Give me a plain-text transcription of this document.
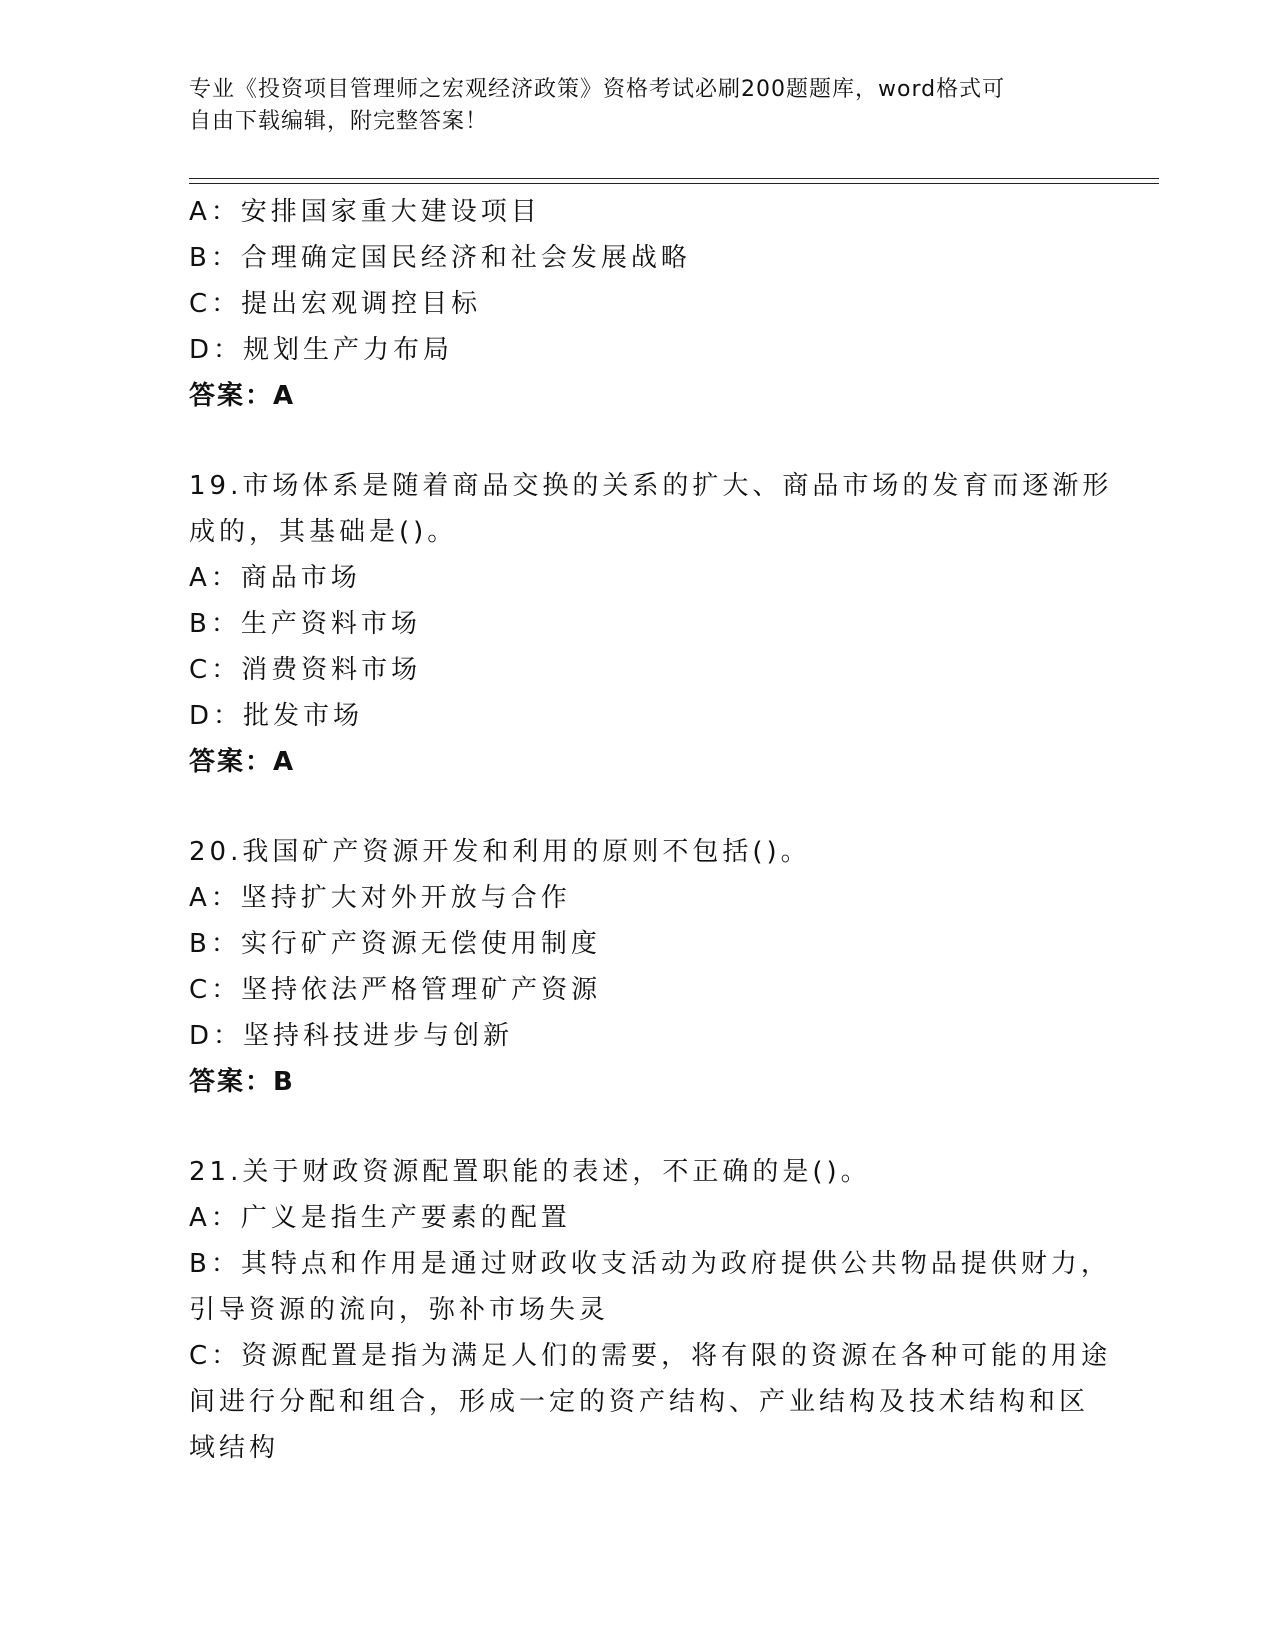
专业《投资项目管理师之宏观经济政策》资格考试必刷200题题库，word格式可
自由下载编辑，附完整答案！
A：安排国家重大建设项目
B：合理确定国民经济和社会发展战略
C：提出宏观调控目标
D：规划生产力布局
答案：A
19.市场体系是随着商品交换的关系的扩大、商品市场的发育而逐渐形
成的，其基础是()。
A：商品市场
B：生产资料市场
C：消费资料市场
D：批发市场
答案：A
20.我国矿产资源开发和利用的原则不包括()。
A：坚持扩大对外开放与合作
B：实行矿产资源无偿使用制度
C：坚持依法严格管理矿产资源
D：坚持科技进步与创新
答案：B
21.关于财政资源配置职能的表述，不正确的是()。
A：广义是指生产要素的配置
B：其特点和作用是通过财政收支活动为政府提供公共物品提供财力，
引导资源的流向，弥补市场失灵
C：资源配置是指为满足人们的需要，将有限的资源在各种可能的用途
间进行分配和组合，形成一定的资产结构、产业结构及技术结构和区
域结构
